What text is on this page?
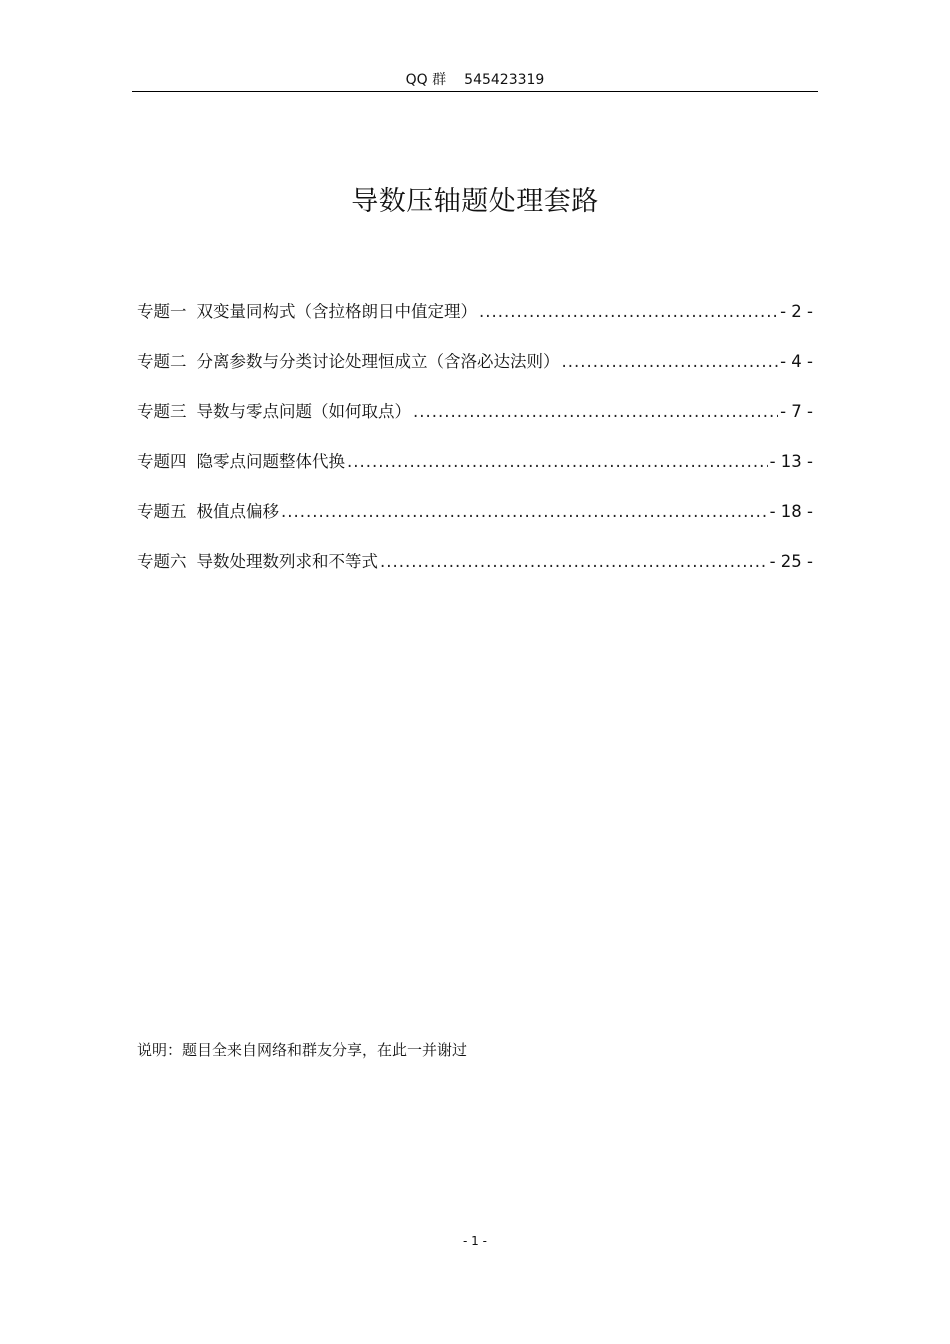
QQ 群 545423319
导数压轴题处理套路
专题一 双变量同构式（含拉格朗日中值定理） .....	- 2 -
专题二 分离参数与分类讨论处理恒成立（含洛必达法则） .....	- 4 -
专题三 导数与零点问题（如何取点） .....	- 7 -
专题四 隐零点问题整体代换 .....	- 13 -
专题五 极值点偏移 .....	- 18 -
专题六 导数处理数列求和不等式 .....	- 25 -
说明：题目全来自网络和群友分享，在此一并谢过
- 1 -
